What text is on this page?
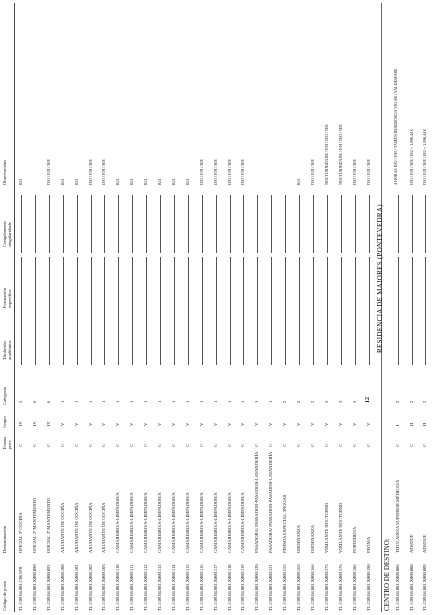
Código de posto
Denominación
Forma prov.
Grupo
Categoría
Titulación académica
Formación específica
Complemento singularidade
Observacións
TL.C09.04.001.C06.070
OFICIAL 2ª COCIÑA
C
IV
5
B/4
TL.C09.04.001.X000.090
OFICIAL 2ª MANTEMENTO
C
IV
6
TL.C09.04.001.X000.091
OFICIAL 2ª MANTEMENTO
C
IV
6
D/O / F/H / H/E
TL.C09.04.001.X000.100
AXUDANTE DE COCIÑA
C
V
1
B/4
TL.C09.04.001.X000.101
AXUDANTE DE COCIÑA
C
V
1
B/4
TL.C09.04.001.X000.102
AXUDANTE DE COCIÑA
C
V
1
D/O / F/H / H/E
TL.C09.04.001.X000.103
AXUDANTE DE COCIÑA
C
V
1
D/O / F/H / H/E
TL.C09.04.001.X000.110
CAMAREIRO/A-LIMPADOR/A
C
V
1
B/4
TL.C09.04.001.X000.111
CAMAREIRO/A-LIMPADOR/A
C
V
1
B/4
TL.C09.04.001.X000.112
CAMAREIRO/A-LIMPADOR/A
C
V
1
B/4
TL.C09.04.001.X000.113
CAMAREIRO/A-LIMPADOR/A
C
V
1
B/4
TL.C09.04.001.X000.114
CAMAREIRO/A-LIMPADOR/A
C
V
1
B/4
TL.C09.04.001.X000.115
CAMAREIRO/A-LIMPADOR/A
C
V
1
B/4
TL.C09.04.001.X000.116
CAMAREIRO/A-LIMPADOR/A
C
V
1
D/O / F/H / H/E
TL.C09.04.001.X000.117
CAMAREIRO/A-LIMPADOR/A
C
V
1
D/O / F/H / H/E
TL.C09.04.001.X000.118
CAMAREIRO/A-LIMPADOR/A
C
V
1
D/O / F/H / H/E
TL.C09.04.001.X000.119
CAMAREIRO/A-LIMPADOR/A
C
V
1
D/O / F/H / H/E
TL.C09.04.001.X000.120
PASADORA/ PASSADOR-PASADOR-LAVANDERÍA
C
V
1
TL.C09.04.001.X000.121
PASADORA/ PASSADOR-PASADOR-LAVANDERÍA
C
V
1
TL.C09.04.001.X000.155
PERSOA ESPECIAL. INGOAS
C
V
2
TL.C09.04.001.X000.165
ORDENANZA
C
V
2
B/4
TL.C09.04.001.X000.166
ORDENANZA
C
V
2
D/O / F/H / H/E
TL.C09.04.001.X000.175
VIXILANTE NOCTURNO
C
V
3
NOCTURNIDADE / F/H / D/O / H/E
TL.C09.04.001.X000.176
VIXILANTE NOCTURNO
C
V
3
NOCTURNIDADE / F/H / D/O / H/E
TL.C09.04.001.X000.186
PORTEIRO/A
C
V
3
D/O / F/H / H/E
TL.C09.04.001.X000.190
PEÓN/A
C
V
12
D/O / F/H / H/E
RESIDENCIA DE MAIORES (PONTEVEDRA)
CENTRO DE DESTINO: TL.C09.04.001.X000.006
TITULADO/A SUPERIOR MÉDICO/A
C
I
2
4 HORAS D/O / F/H / TAMÉN RESIDENCIA VIGAR / VALDEMARE
TL.C09.04.001.X000.008
ATS/DUE
C
II
2
D/O / F/H / H/E / H/2 + 1.096,44 €
TL.C09.04.001.X000.009
ATS/DUE
C
II
2
D/O / F/H / H/E / H/2 + 1.096,44 €
